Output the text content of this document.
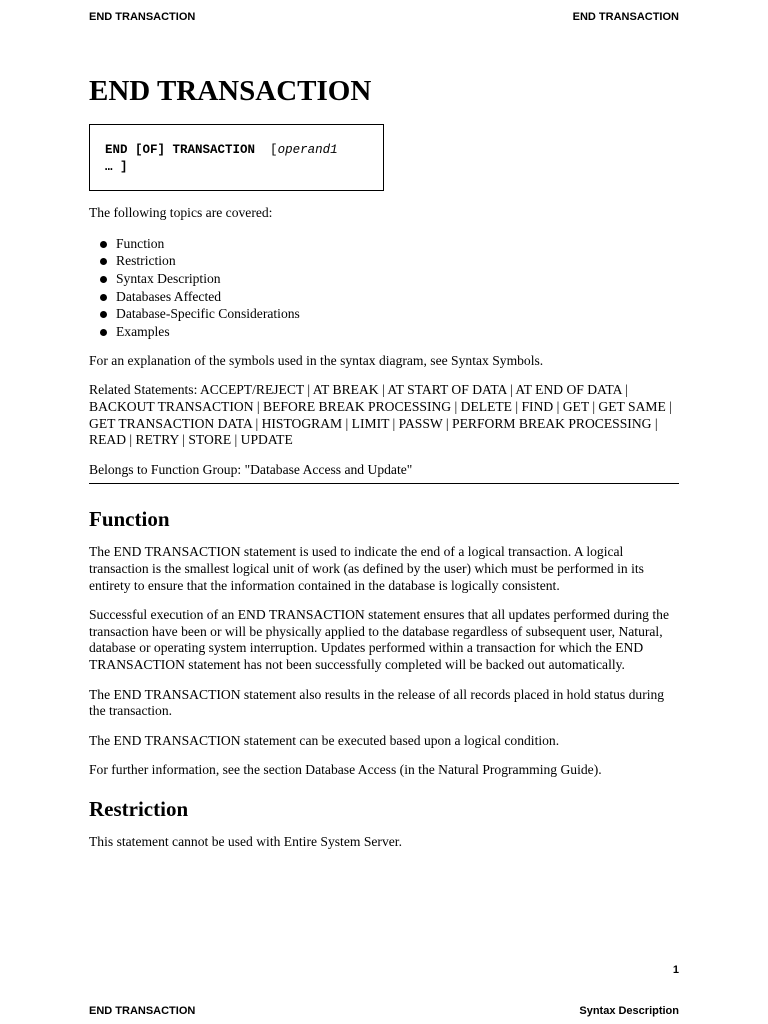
END TRANSACTION	END TRANSACTION
END TRANSACTION
END [OF] TRANSACTION [operand1
… ]

The following topics are covered:

Function
Restriction
Syntax Description
Databases Affected
Database-Specific Considerations
Examples

For an explanation of the symbols used in the syntax diagram, see Syntax Symbols.

Related Statements: ACCEPT/REJECT | AT BREAK | AT START OF DATA | AT END OF DATA | BACKOUT TRANSACTION | BEFORE BREAK PROCESSING | DELETE | FIND | GET | GET SAME | GET TRANSACTION DATA | HISTOGRAM | LIMIT | PASSW | PERFORM BREAK PROCESSING | READ | RETRY | STORE | UPDATE

Belongs to Function Group: "Database Access and Update"

Function

The END TRANSACTION statement is used to indicate the end of a logical transaction. A logical transaction is the smallest logical unit of work (as defined by the user) which must be performed in its entirety to ensure that the information contained in the database is logically consistent.

Successful execution of an END TRANSACTION statement ensures that all updates performed during the transaction have been or will be physically applied to the database regardless of subsequent user, Natural, database or operating system interruption. Updates performed within a transaction for which the END TRANSACTION statement has not been successfully completed will be backed out automatically.

The END TRANSACTION statement also results in the release of all records placed in hold status during the transaction.

The END TRANSACTION statement can be executed based upon a logical condition.

For further information, see the section Database Access (in the Natural Programming Guide).

Restriction

This statement cannot be used with Entire System Server.

1
END TRANSACTION	Syntax Description
